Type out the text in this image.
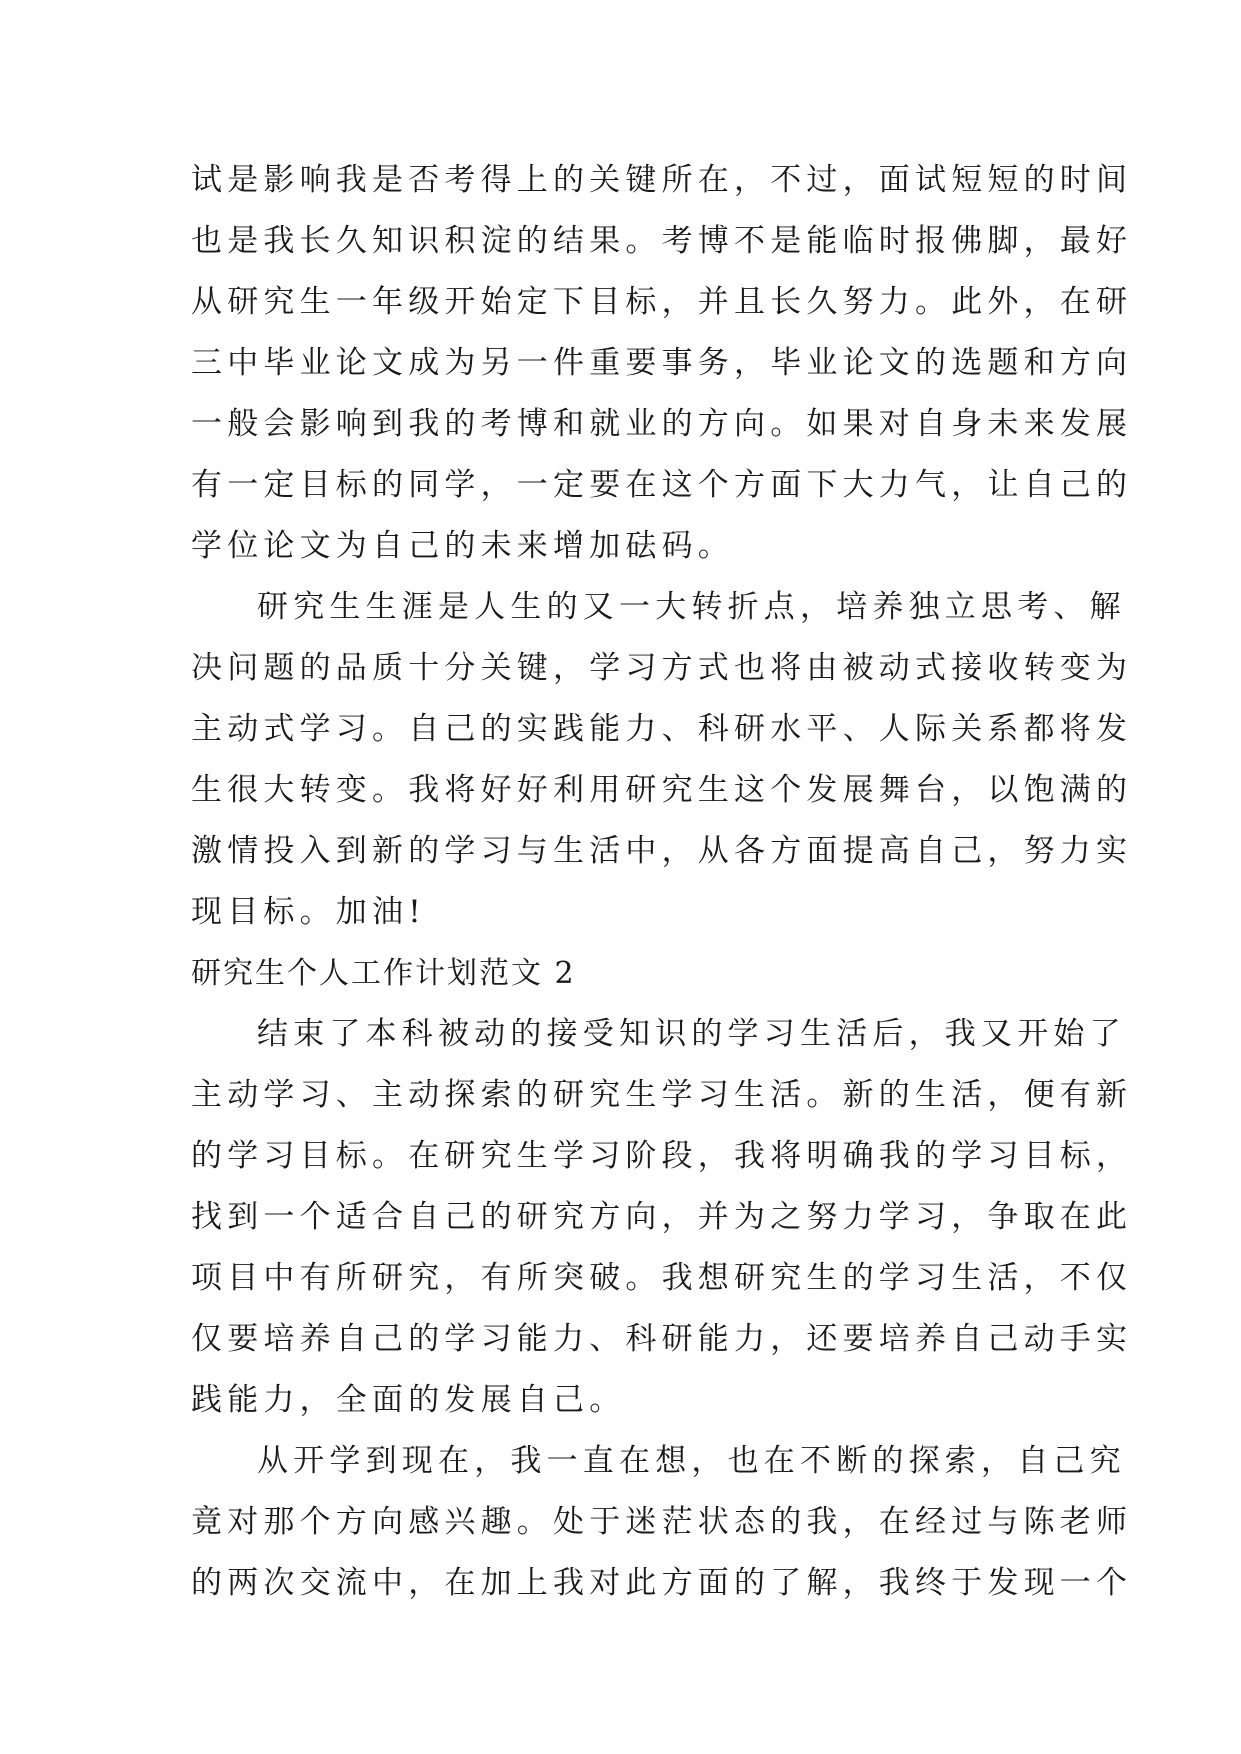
试是影响我是否考得上的关键所在，不过，面试短短的时间
也是我长久知识积淀的结果。考博不是能临时报佛脚，最好
从研究生一年级开始定下目标，并且长久努力。此外，在研
三中毕业论文成为另一件重要事务，毕业论文的选题和方向
一般会影响到我的考博和就业的方向。如果对自身未来发展
有一定目标的同学，一定要在这个方面下大力气，让自己的
学位论文为自己的未来增加砝码。
研究生生涯是人生的又一大转折点，培养独立思考、解
决问题的品质十分关键，学习方式也将由被动式接收转变为
主动式学习。自己的实践能力、科研水平、人际关系都将发
生很大转变。我将好好利用研究生这个发展舞台，以饱满的
激情投入到新的学习与生活中，从各方面提高自己，努力实
现目标。加油!
研究生个人工作计划范文 2
结束了本科被动的接受知识的学习生活后，我又开始了
主动学习、主动探索的研究生学习生活。新的生活，便有新
的学习目标。在研究生学习阶段，我将明确我的学习目标，
找到一个适合自己的研究方向，并为之努力学习，争取在此
项目中有所研究，有所突破。我想研究生的学习生活，不仅
仅要培养自己的学习能力、科研能力，还要培养自己动手实
践能力，全面的发展自己。
从开学到现在，我一直在想，也在不断的探索，自己究
竟对那个方向感兴趣。处于迷茫状态的我，在经过与陈老师
的两次交流中，在加上我对此方面的了解，我终于发现一个
